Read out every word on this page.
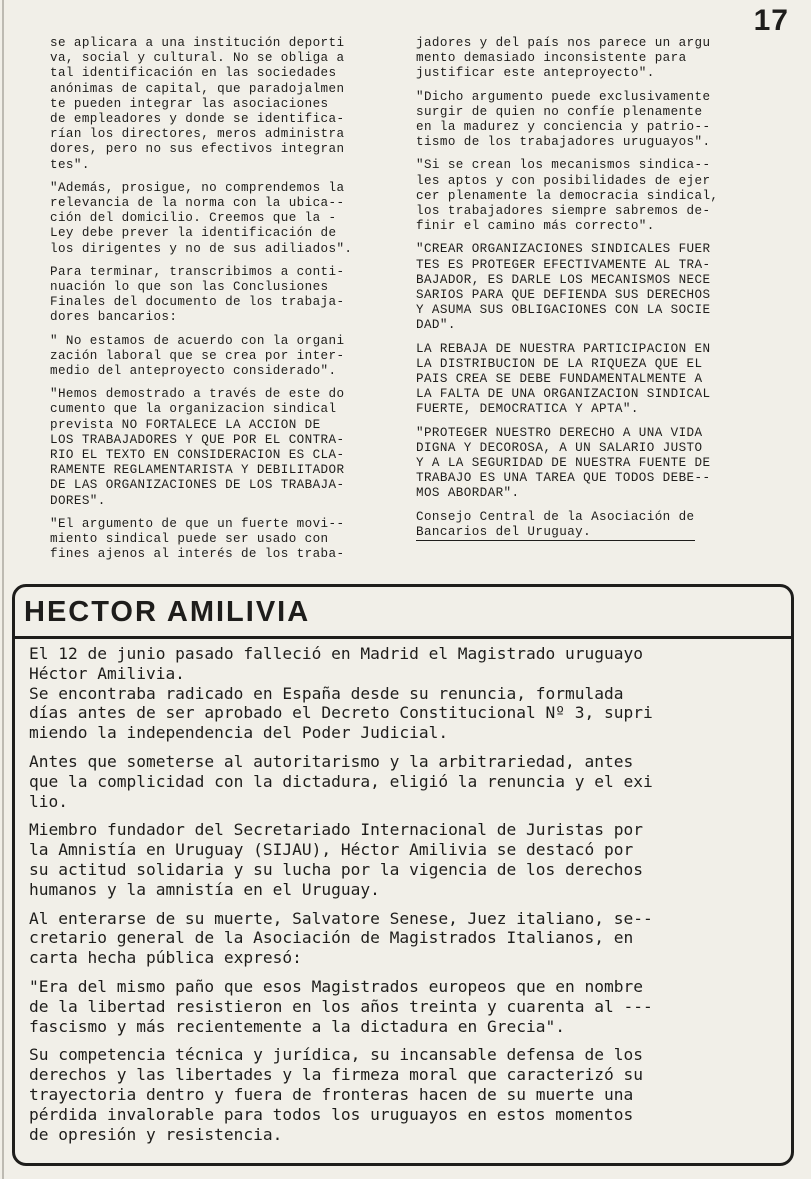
17

se aplicara a una institución deporti
va, social y cultural. No se obliga a
tal identificación en las sociedades
anónimas de capital, que paradojalmen
te pueden integrar las asociaciones
de empleadores y donde se identifica-
rían los directores, meros administra
dores, pero no sus efectivos integran
tes".

"Además, prosigue, no comprendemos la
relevancia de la norma con la ubica--
ción del domicilio. Creemos que la -
Ley debe prever la identificación de
los dirigentes y no de sus adiliados".

Para terminar, transcribimos a conti-
nuación lo que son las Conclusiones
Finales del documento de los trabaja-
dores bancarios:

" No estamos de acuerdo con la organi
zación laboral que se crea por inter-
medio del anteproyecto considerado".

"Hemos demostrado a través de este do
cumento que la organizacion sindical
prevista NO FORTALECE LA ACCION DE
LOS TRABAJADORES Y QUE POR EL CONTRA-
RIO EL TEXTO EN CONSIDERACION ES CLA-
RAMENTE REGLAMENTARISTA Y DEBILITADOR
DE LAS ORGANIZACIONES DE LOS TRABAJA-
DORES".

"El argumento de que un fuerte movi--
miento sindical puede ser usado con
fines ajenos al interés de los traba-

jadores y del país nos parece un argu
mento demasiado inconsistente para
justificar este anteproyecto".

"Dicho argumento puede exclusivamente
surgir de quien no confíe plenamente
en la madurez y conciencia y patrio--
tismo de los trabajadores uruguayos".

"Si se crean los mecanismos sindica--
les aptos y con posibilidades de ejer
cer plenamente la democracia sindical,
los trabajadores siempre sabremos de-
finir el camino más correcto".

"CREAR ORGANIZACIONES SINDICALES FUER
TES ES PROTEGER EFECTIVAMENTE AL TRA-
BAJADOR, ES DARLE LOS MECANISMOS NECE
SARIOS PARA QUE DEFIENDA SUS DERECHOS
Y ASUMA SUS OBLIGACIONES CON LA SOCIE
DAD".

LA REBAJA DE NUESTRA PARTICIPACION EN
LA DISTRIBUCION DE LA RIQUEZA QUE EL
PAIS CREA SE DEBE FUNDAMENTALMENTE A
LA FALTA DE UNA ORGANIZACION SINDICAL
FUERTE, DEMOCRATICA Y APTA".

"PROTEGER NUESTRO DERECHO A UNA VIDA
DIGNA Y DECOROSA, A UN SALARIO JUSTO
Y A LA SEGURIDAD DE NUESTRA FUENTE DE
TRABAJO ES UNA TAREA QUE TODOS DEBE--
MOS ABORDAR".

Consejo Central de la Asociación de
Bancarios del Uruguay.

HECTOR AMILIVIA

El 12 de junio pasado falleció en Madrid el Magistrado uruguayo
Héctor Amilivia.
Se encontraba radicado en España desde su renuncia, formulada
días antes de ser aprobado el Decreto Constitucional Nº 3, supri
miendo la independencia del Poder Judicial.

Antes que someterse al autoritarismo y la arbitrariedad, antes
que la complicidad con la dictadura, eligió la renuncia y el exi
lio.

Miembro fundador del Secretariado Internacional de Juristas por
la Amnistía en Uruguay (SIJAU), Héctor Amilivia se destacó por
su actitud solidaria y su lucha por la vigencia de los derechos
humanos y la amnistía en el Uruguay.

Al enterarse de su muerte, Salvatore Senese, Juez italiano, se--
cretario general de la Asociación de Magistrados Italianos, en
carta hecha pública expresó:

"Era del mismo paño que esos Magistrados europeos que en nombre
de la libertad resistieron en los años treinta y cuarenta al ---
fascismo y más recientemente a la dictadura en Grecia".

Su competencia técnica y jurídica, su incansable defensa de los
derechos y las libertades y la firmeza moral que caracterizó su
trayectoria dentro y fuera de fronteras hacen de su muerte una
pérdida invalorable para todos los uruguayos en estos momentos
de opresión y resistencia.
